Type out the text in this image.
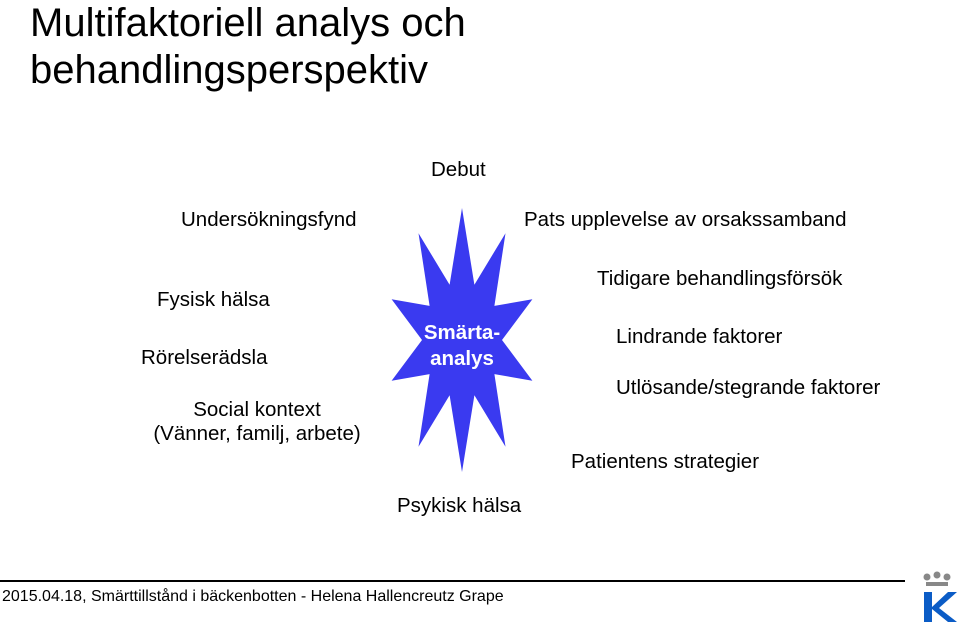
Multifaktoriell analys och
behandlingsperspektiv
Smärta-
analys
Debut
Undersökningsfynd	Pats upplevelse av orsakssamband
Fysisk hälsa
Tidigare behandlingsförsök
Rörelserädsla
Lindrande faktorer
Utlösande/stegrande faktorer
Social kontext
(Vänner, familj, arbete)
Patientens strategier
Psykisk hälsa
2015.04.18, Smärttillstånd i bäckenbotten - Helena Hallencreutz Grape
